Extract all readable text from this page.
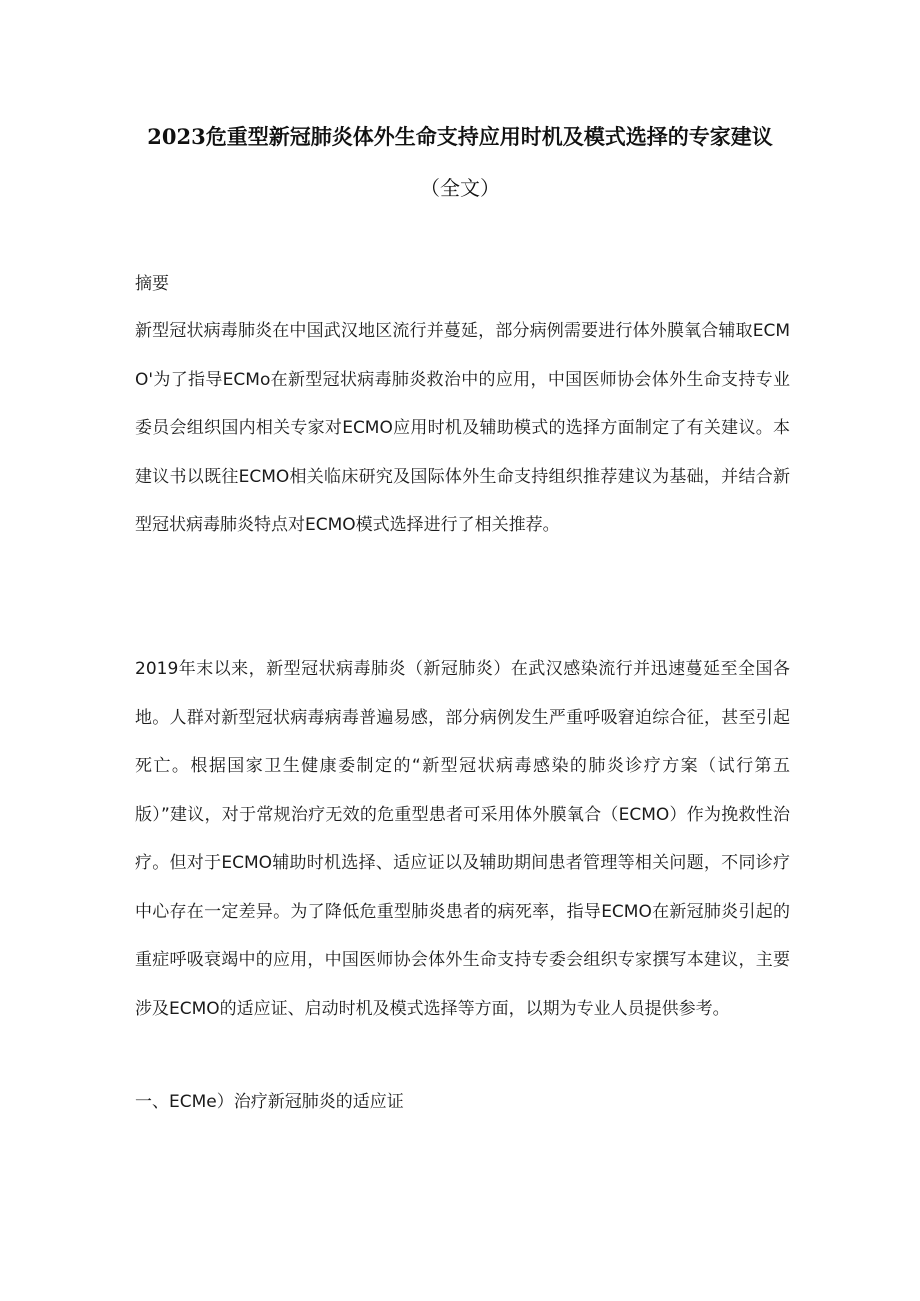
2023危重型新冠肺炎体外生命支持应用时机及模式选择的专家建议
（全文）
摘要
新型冠状病毒肺炎在中国武汉地区流行并蔓延，部分病例需要进行体外膜氧合辅取ECMO'为了指导ECMo在新型冠状病毒肺炎救治中的应用，中国医师协会体外生命支持专业委员会组织国内相关专家对ECMO应用时机及辅助模式的选择方面制定了有关建议。本建议书以既往ECMO相关临床研究及国际体外生命支持组织推荐建议为基础，并结合新型冠状病毒肺炎特点对ECMO模式选择进行了相关推荐。
2019年末以来，新型冠状病毒肺炎（新冠肺炎）在武汉感染流行并迅速蔓延至全国各地。人群对新型冠状病毒病毒普遍易感，部分病例发生严重呼吸窘迫综合征，甚至引起死亡。根据国家卫生健康委制定的“新型冠状病毒感染的肺炎诊疗方案（试行第五版）”建议，对于常规治疗无效的危重型患者可采用体外膜氧合（ECMO）作为挽救性治疗。但对于ECMO辅助时机选择、适应证以及辅助期间患者管理等相关问题，不同诊疗中心存在一定差异。为了降低危重型肺炎患者的病死率，指导ECMO在新冠肺炎引起的重症呼吸衰竭中的应用，中国医师协会体外生命支持专委会组织专家撰写本建议，主要涉及ECMO的适应证、启动时机及模式选择等方面，以期为专业人员提供参考。
一、ECMe）治疗新冠肺炎的适应证
